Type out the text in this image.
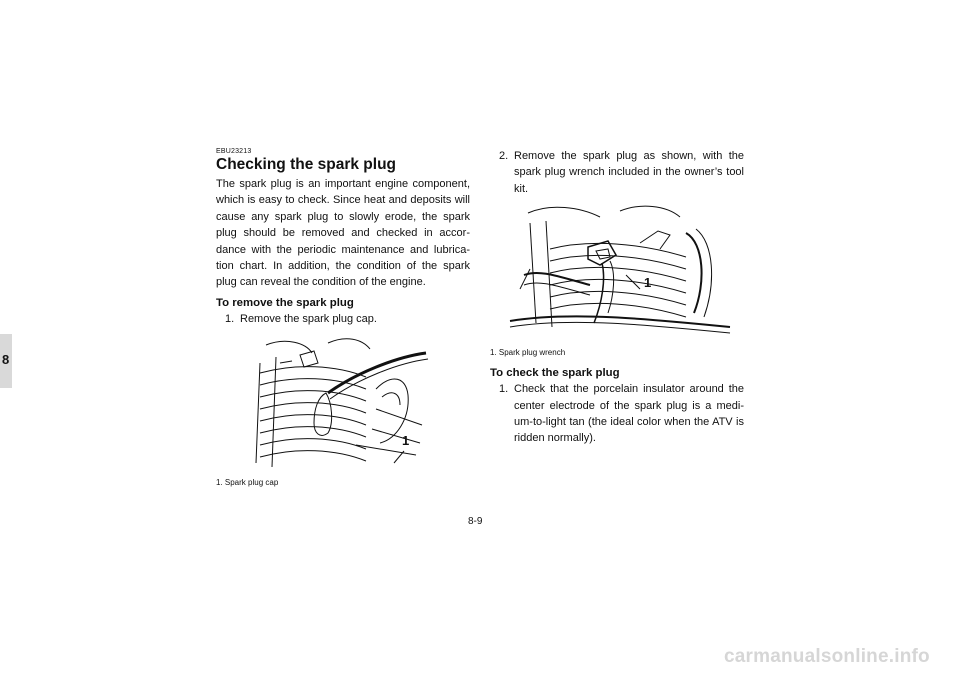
8
EBU23213
Checking the spark plug

The spark plug is an important engine component, which is easy to check. Since heat and deposits will cause any spark plug to slowly erode, the spark plug should be removed and checked in accor-dance with the periodic maintenance and lubrica-tion chart. In addition, the condition of the spark plug can reveal the condition of the engine.

To remove the spark plug
1. Remove the spark plug cap.
1
1. Spark plug cap
2. Remove the spark plug as shown, with the spark plug wrench included in the owner’s tool kit.
1
1. Spark plug wrench
To check the spark plug
1. Check that the porcelain insulator around the center electrode of the spark plug is a medi-um-to-light tan (the ideal color when the ATV is ridden normally).
8-9
carmanualsonline.info
